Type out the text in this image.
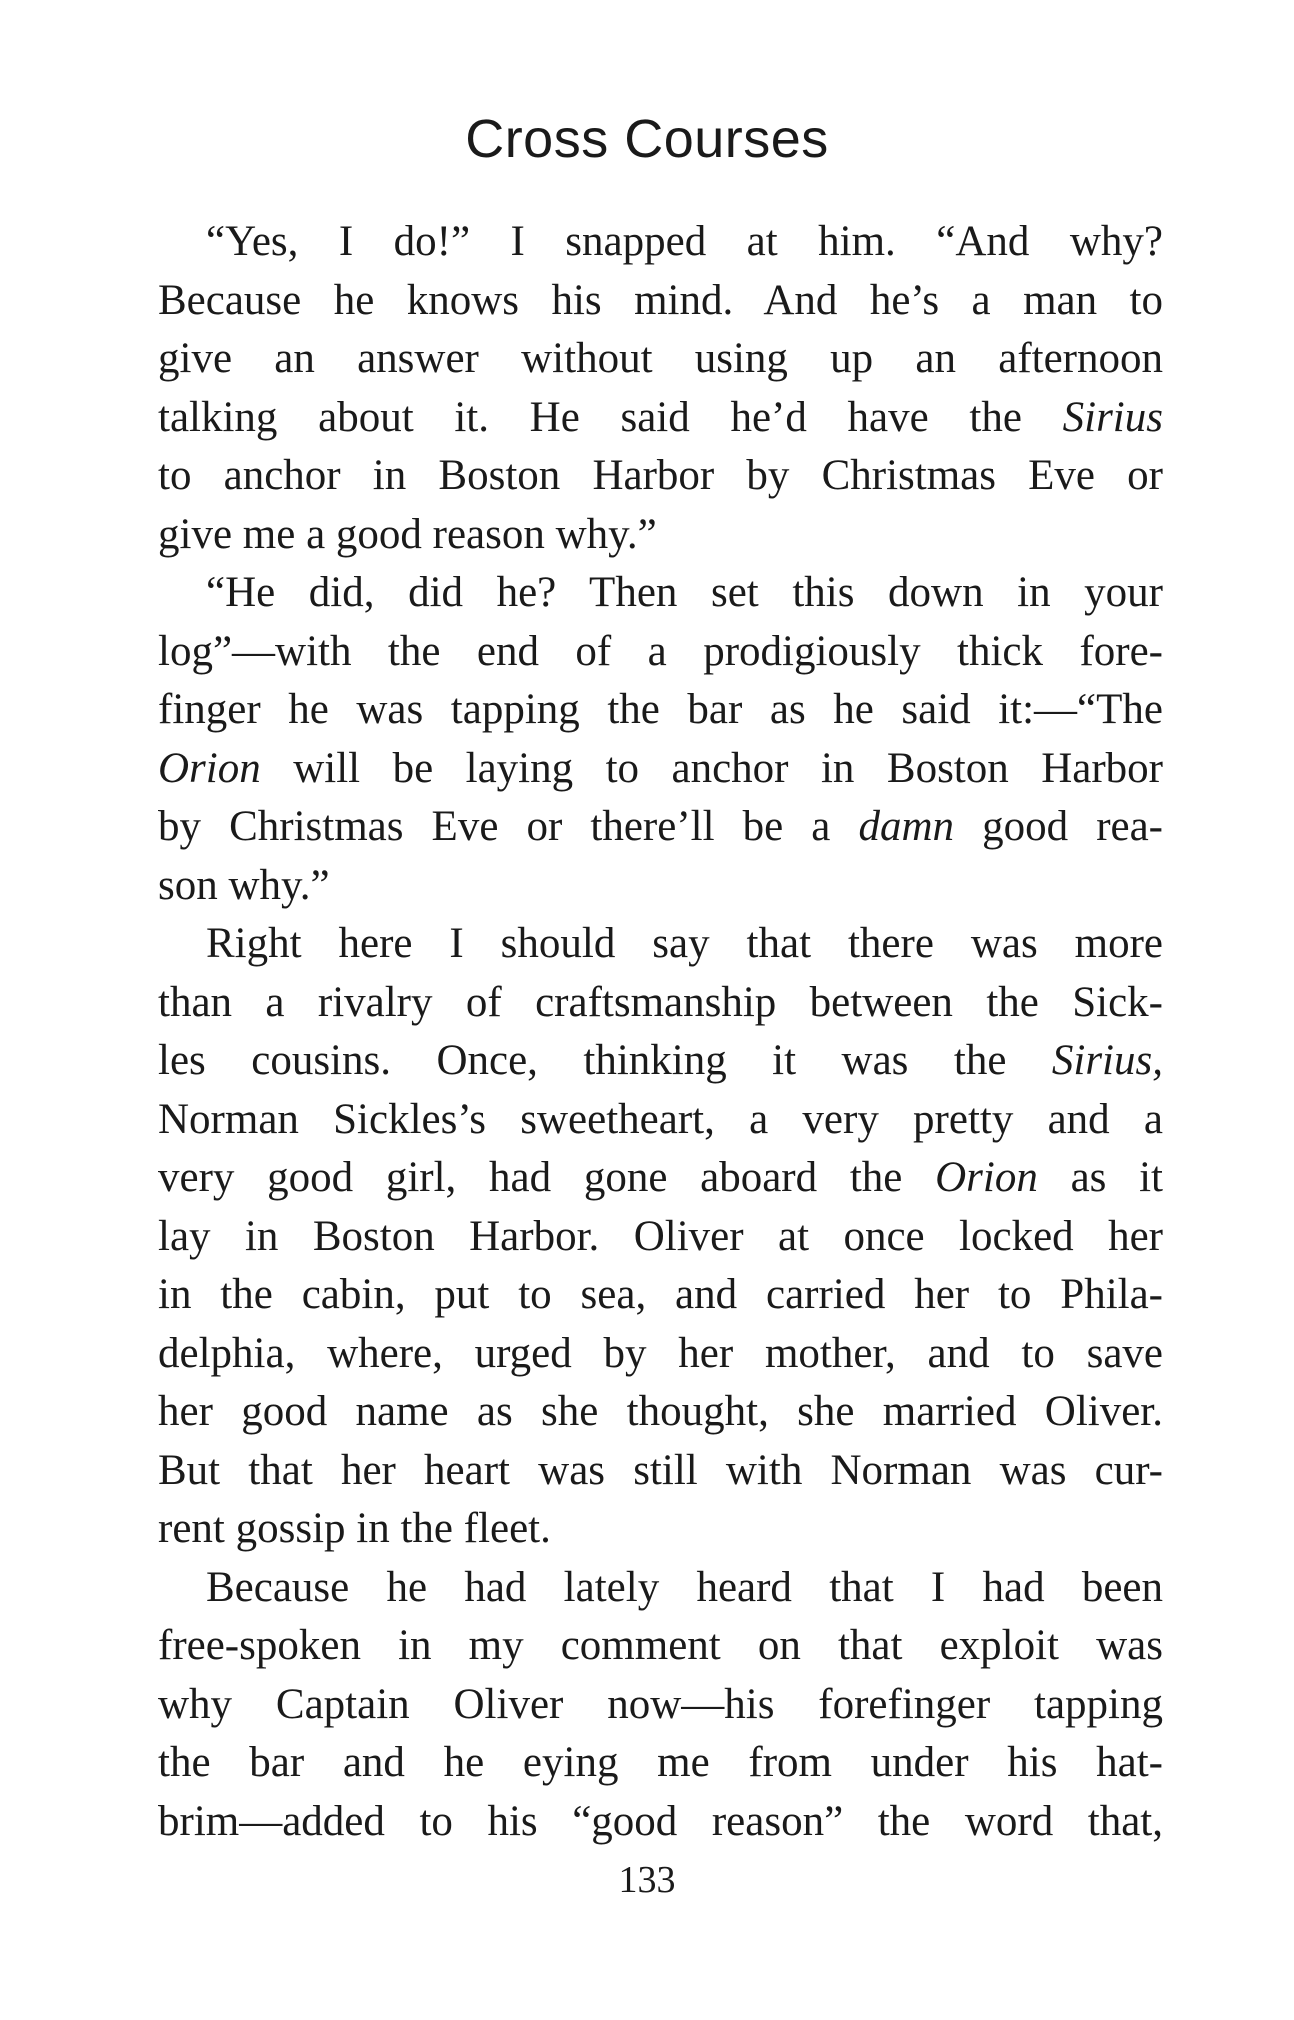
Cross Courses
“Yes, I do!” I snapped at him. “And why?
Because he knows his mind. And he’s a man to
give an answer without using up an afternoon
talking about it. He said he’d have the Sirius
to anchor in Boston Harbor by Christmas Eve or
give me a good reason why.”
“He did, did he? Then set this down in your
log”—with the end of a prodigiously thick fore-
finger he was tapping the bar as he said it:—“The
Orion will be laying to anchor in Boston Harbor
by Christmas Eve or there’ll be a damn good rea-
son why.”
Right here I should say that there was more
than a rivalry of craftsmanship between the Sick-
les cousins. Once, thinking it was the Sirius,
Norman Sickles’s sweetheart, a very pretty and a
very good girl, had gone aboard the Orion as it
lay in Boston Harbor. Oliver at once locked her
in the cabin, put to sea, and carried her to Phila-
delphia, where, urged by her mother, and to save
her good name as she thought, she married Oliver.
But that her heart was still with Norman was cur-
rent gossip in the fleet.
Because he had lately heard that I had been
free-spoken in my comment on that exploit was
why Captain Oliver now—his forefinger tapping
the bar and he eying me from under his hat-
brim—added to his “good reason” the word that,
133
